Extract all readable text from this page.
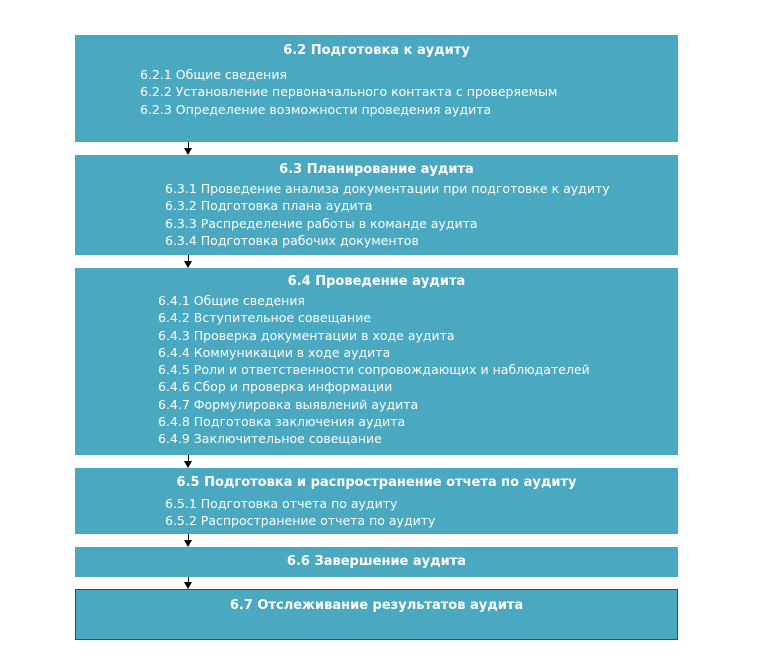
6.2 Подготовка к аудиту
6.2.1 Общие сведения
6.2.2 Установление первоначального контакта с проверяемым
6.2.3 Определение возможности проведения аудита
6.3 Планирование аудита
6.3.1 Проведение анализа документации при подготовке к аудиту
6.3.2 Подготовка плана аудита
6.3.3 Распределение работы в команде аудита
6.3.4 Подготовка рабочих документов
6.4 Проведение аудита
6.4.1 Общие сведения
6.4.2 Вступительное совещание
6.4.3 Проверка документации в ходе аудита
6.4.4 Коммуникации в ходе аудита
6.4.5 Роли и ответственности сопровождающих и наблюдателей
6.4.6 Сбор и проверка информации
6.4.7 Формулировка выявлений аудита
6.4.8 Подготовка заключения аудита
6.4.9 Заключительное совещание
6.5 Подготовка и распространение отчета по аудиту
6.5.1 Подготовка отчета по аудиту
6.5.2 Распространение отчета по аудиту
6.6 Завершение аудита
6.7 Отслеживание результатов аудита
